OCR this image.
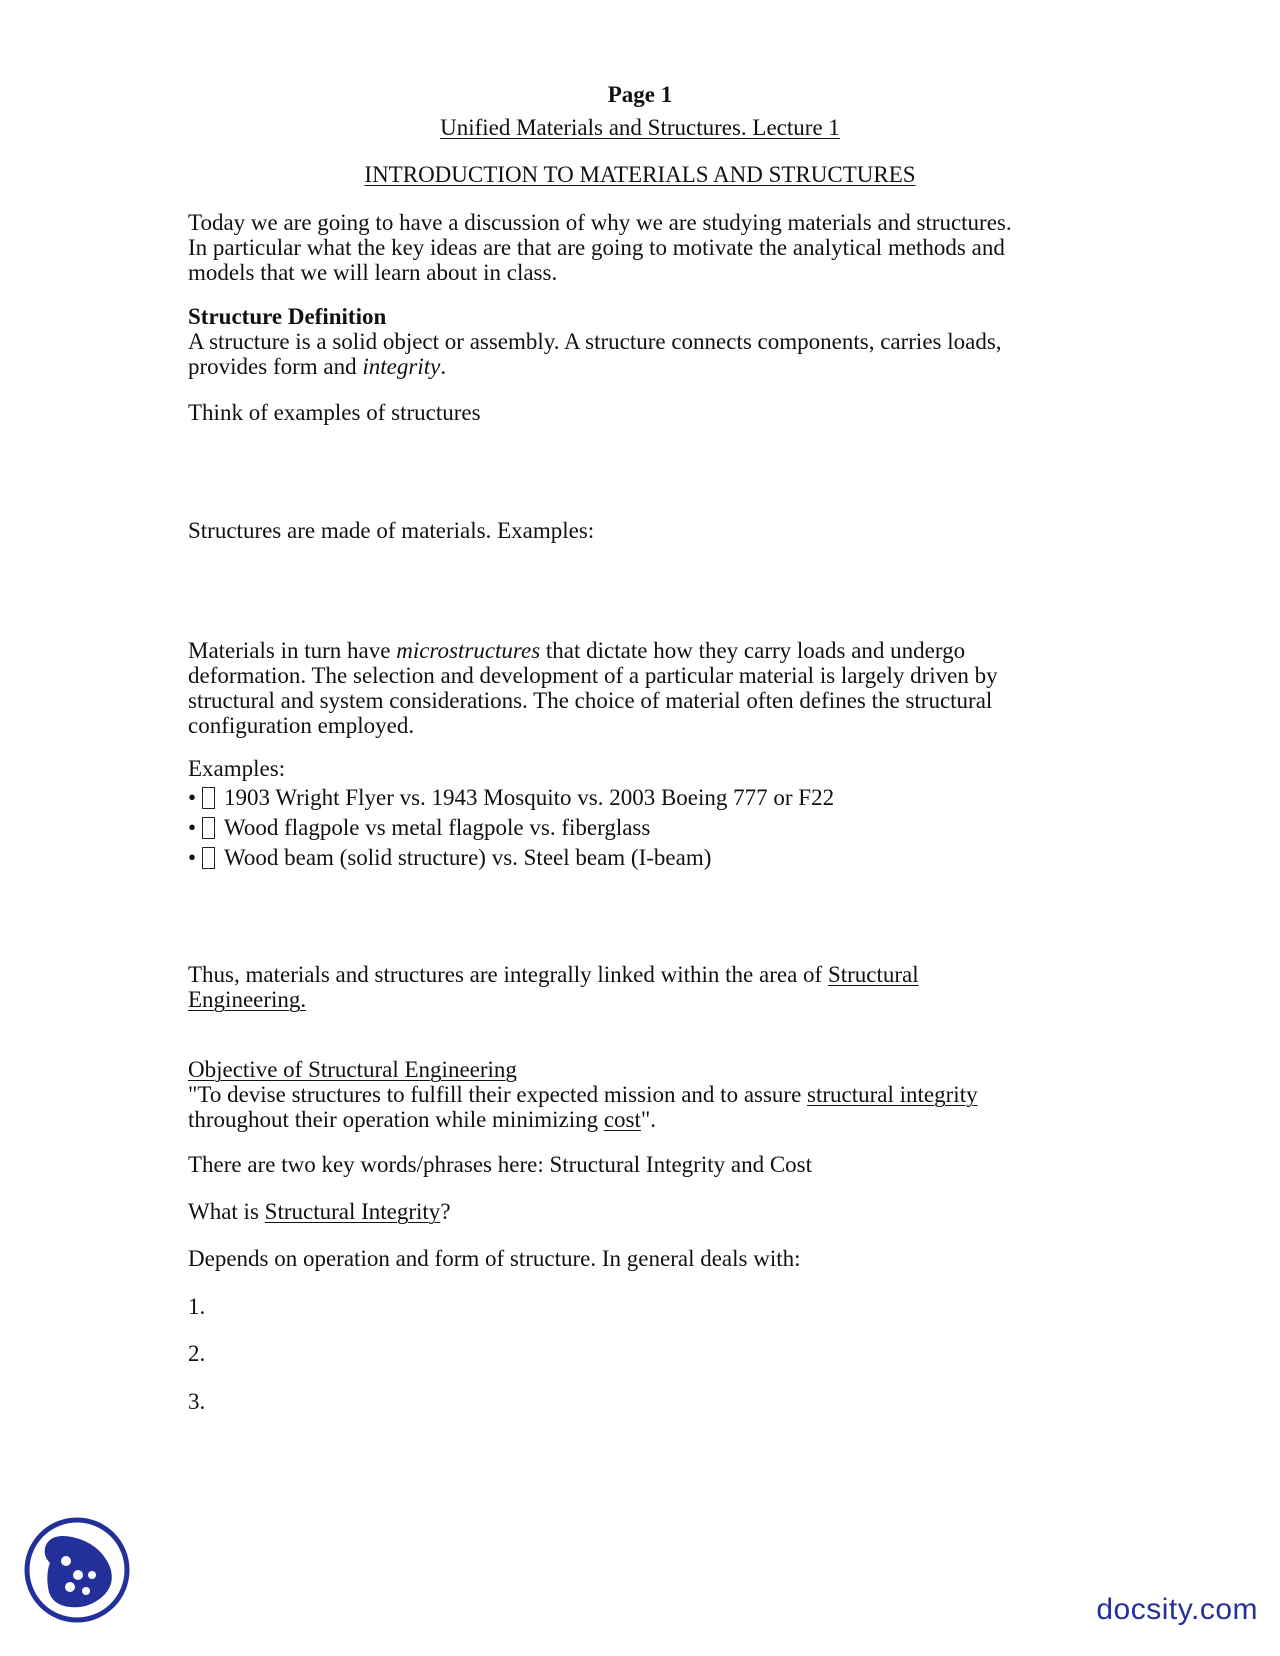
Page 1
Unified Materials and Structures. Lecture 1
INTRODUCTION TO MATERIALS AND STRUCTURES
Today we are going to have a discussion of why we are studying materials and structures.
In particular what the key ideas are that are going to motivate the analytical methods and
models that we will learn about in class.
Structure Definition
A structure is a solid object or assembly. A structure connects components, carries loads,
provides form and integrity.
Think of examples of structures
Structures are made of materials. Examples:
Materials in turn have microstructures that dictate how they carry loads and undergo
deformation. The selection and development of a particular material is largely driven by
structural and system considerations. The choice of material often defines the structural
configuration employed.
Examples:
• 1903 Wright Flyer vs. 1943 Mosquito vs. 2003 Boeing 777 or F22
• Wood flagpole vs metal flagpole vs. fiberglass
• Wood beam (solid structure) vs. Steel beam (I-beam)
Thus, materials and structures are integrally linked within the area of Structural
Engineering.
Objective of Structural Engineering
"To devise structures to fulfill their expected mission and to assure structural integrity
throughout their operation while minimizing cost".
There are two key words/phrases here: Structural Integrity and Cost
What is Structural Integrity?
Depends on operation and form of structure. In general deals with:
1.
2.
3.
docsity.com
